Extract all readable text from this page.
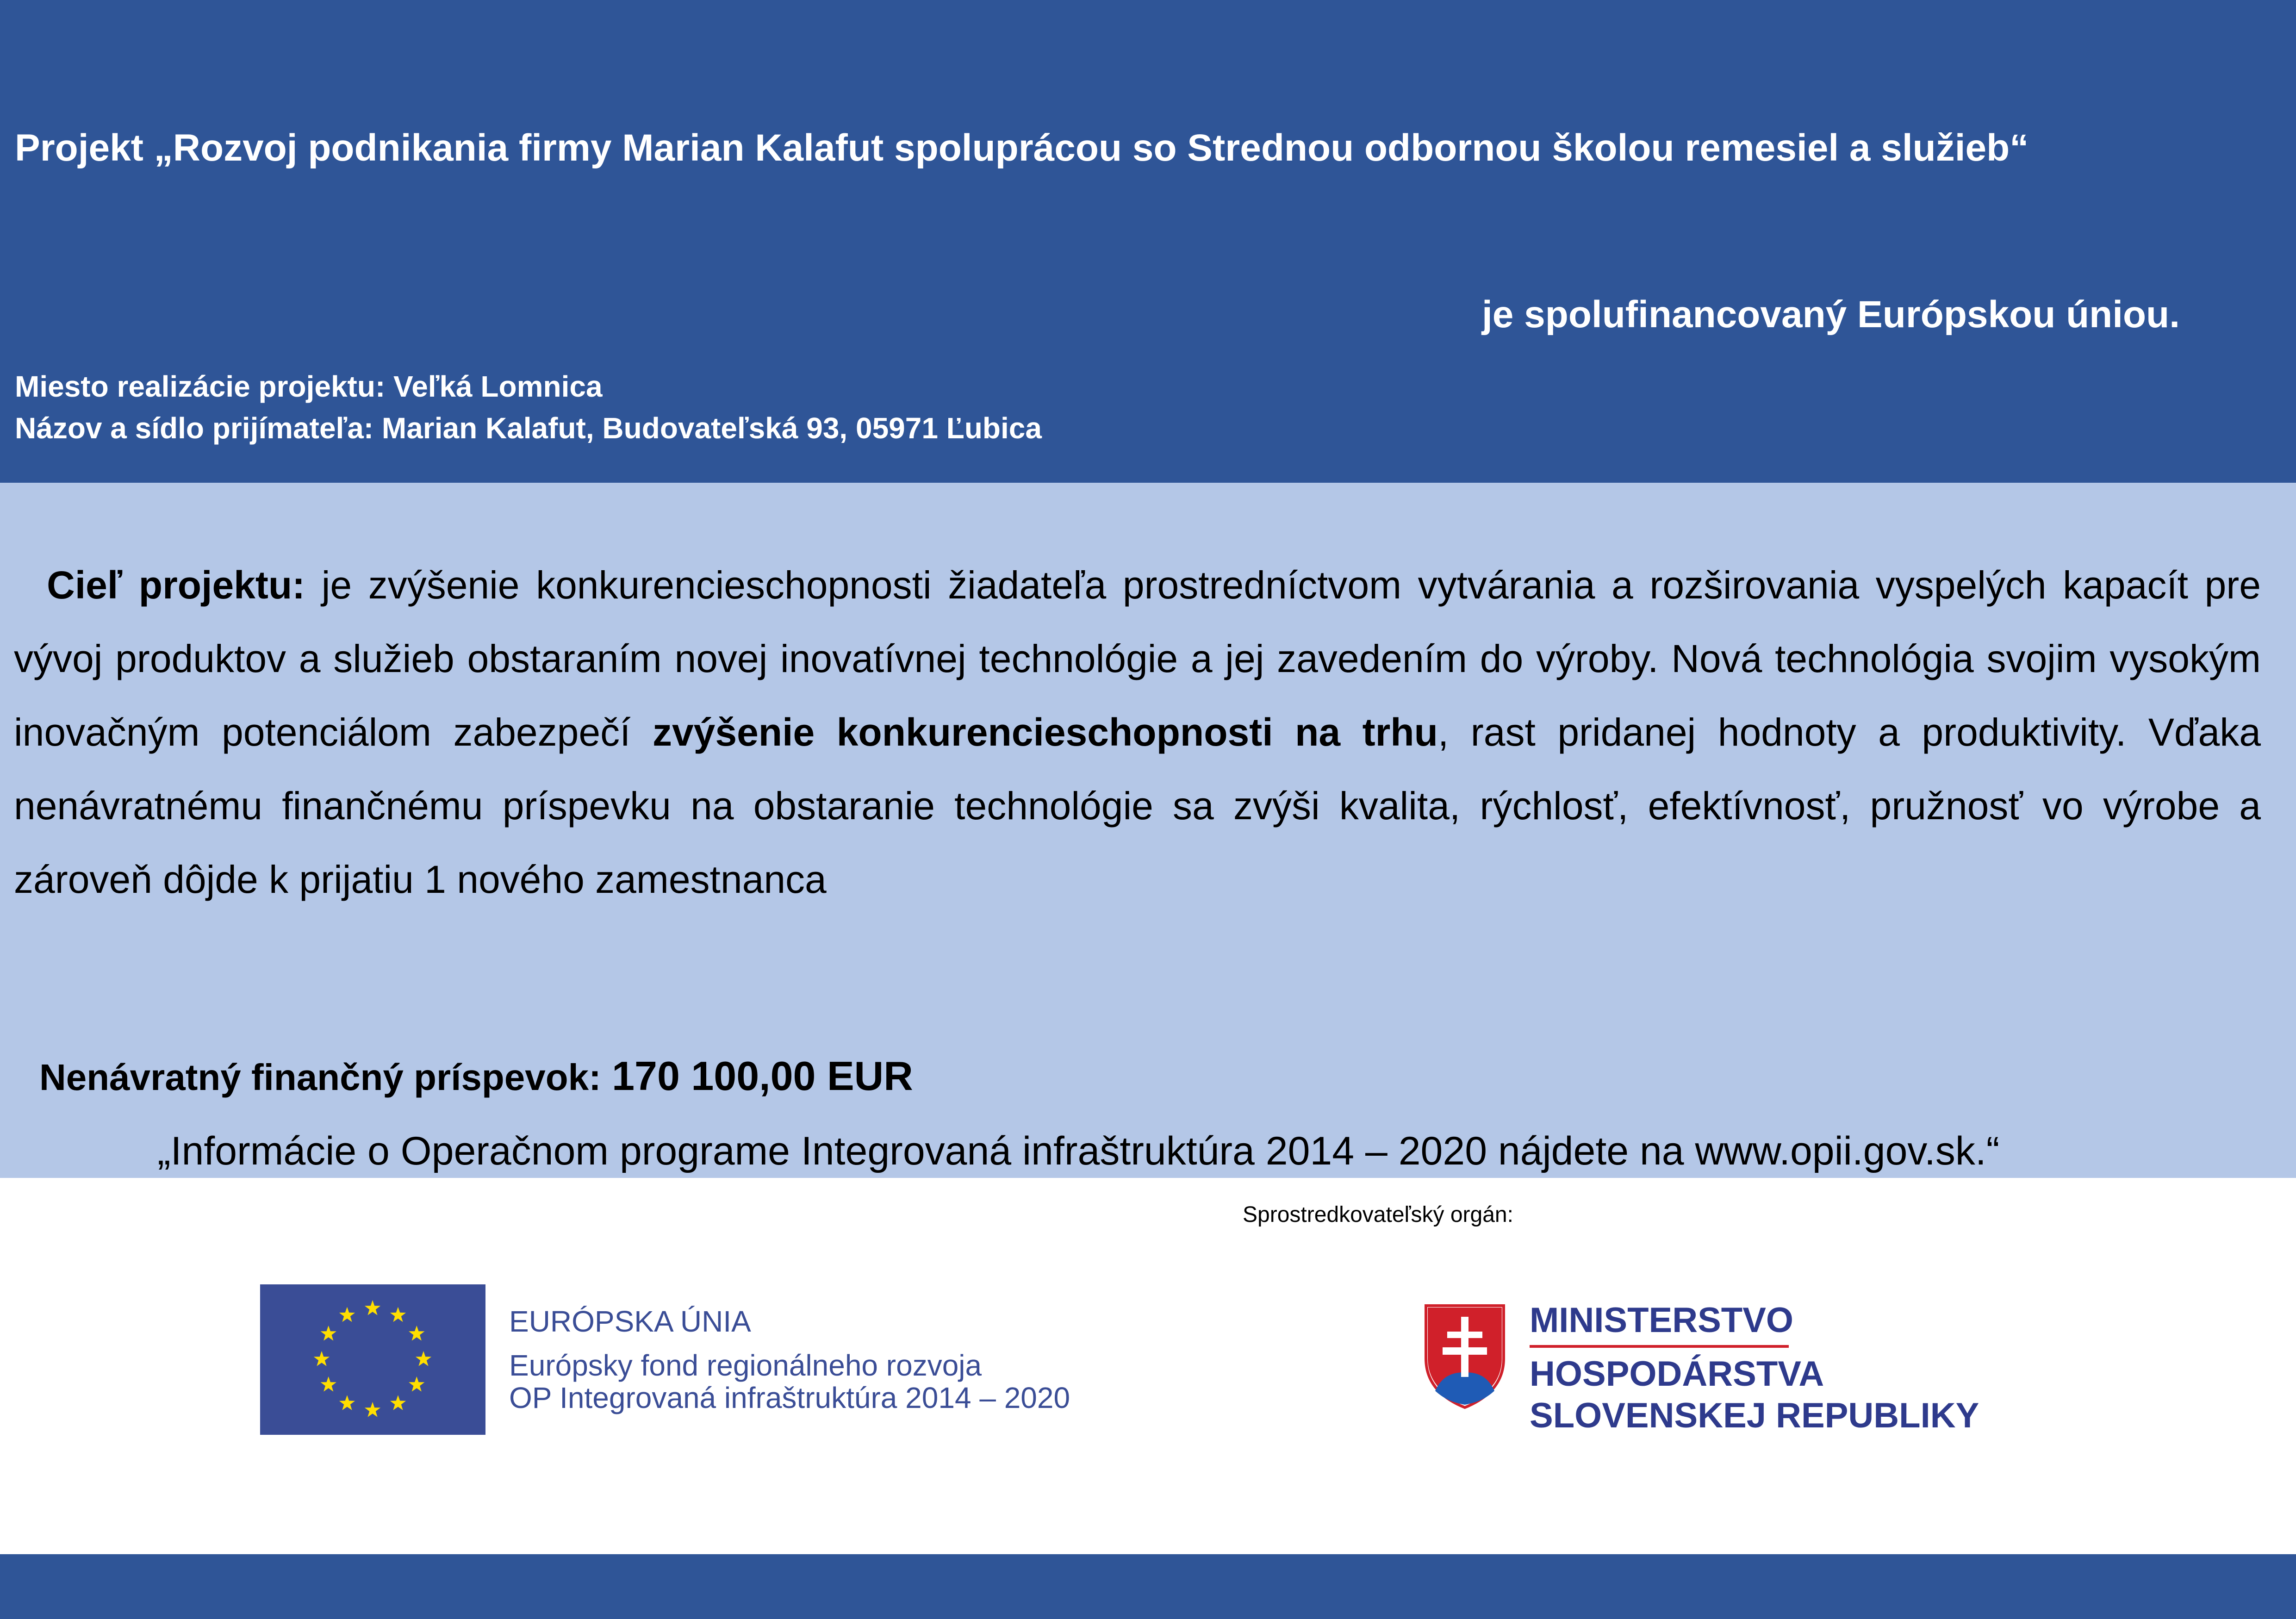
Projekt „Rozvoj podnikania firmy Marian Kalafut spoluprácou so Strednou odbornou školou remesiel a služieb“
je spolufinancovaný Európskou úniou.
Miesto realizácie projektu: Veľká Lomnica
Názov a sídlo prijímateľa: Marian Kalafut, Budovateľská 93, 05971 Ľubica
Cieľ projektu: je zvýšenie konkurencieschopnosti žiadateľa prostredníctvom vytvárania a rozširovania vyspelých kapacít pre vývoj produktov a služieb obstaraním novej inovatívnej technológie a jej zavedením do výroby. Nová technológia svojim vysokým inovačným potenciálom zabezpečí zvýšenie konkurencieschopnosti na trhu, rast pridanej hodnoty a produktivity. Vďaka nenávratnému finančnému príspevku na obstaranie technológie sa zvýši kvalita, rýchlosť, efektívnosť, pružnosť vo výrobe a zároveň dôjde k prijatiu 1 nového zamestnanca
Nenávratný finančný príspevok: 170 100,00 EUR
„Informácie o Operačnom programe Integrovaná infraštruktúra 2014 – 2020 nájdete na www.opii.gov.sk.“
Sprostredkovateľský orgán:
EURÓPSKA ÚNIA
Európsky fond regionálneho rozvoja
OP Integrovaná infraštruktúra 2014 – 2020
MINISTERSTVO
HOSPODÁRSTVA
SLOVENSKEJ REPUBLIKY
